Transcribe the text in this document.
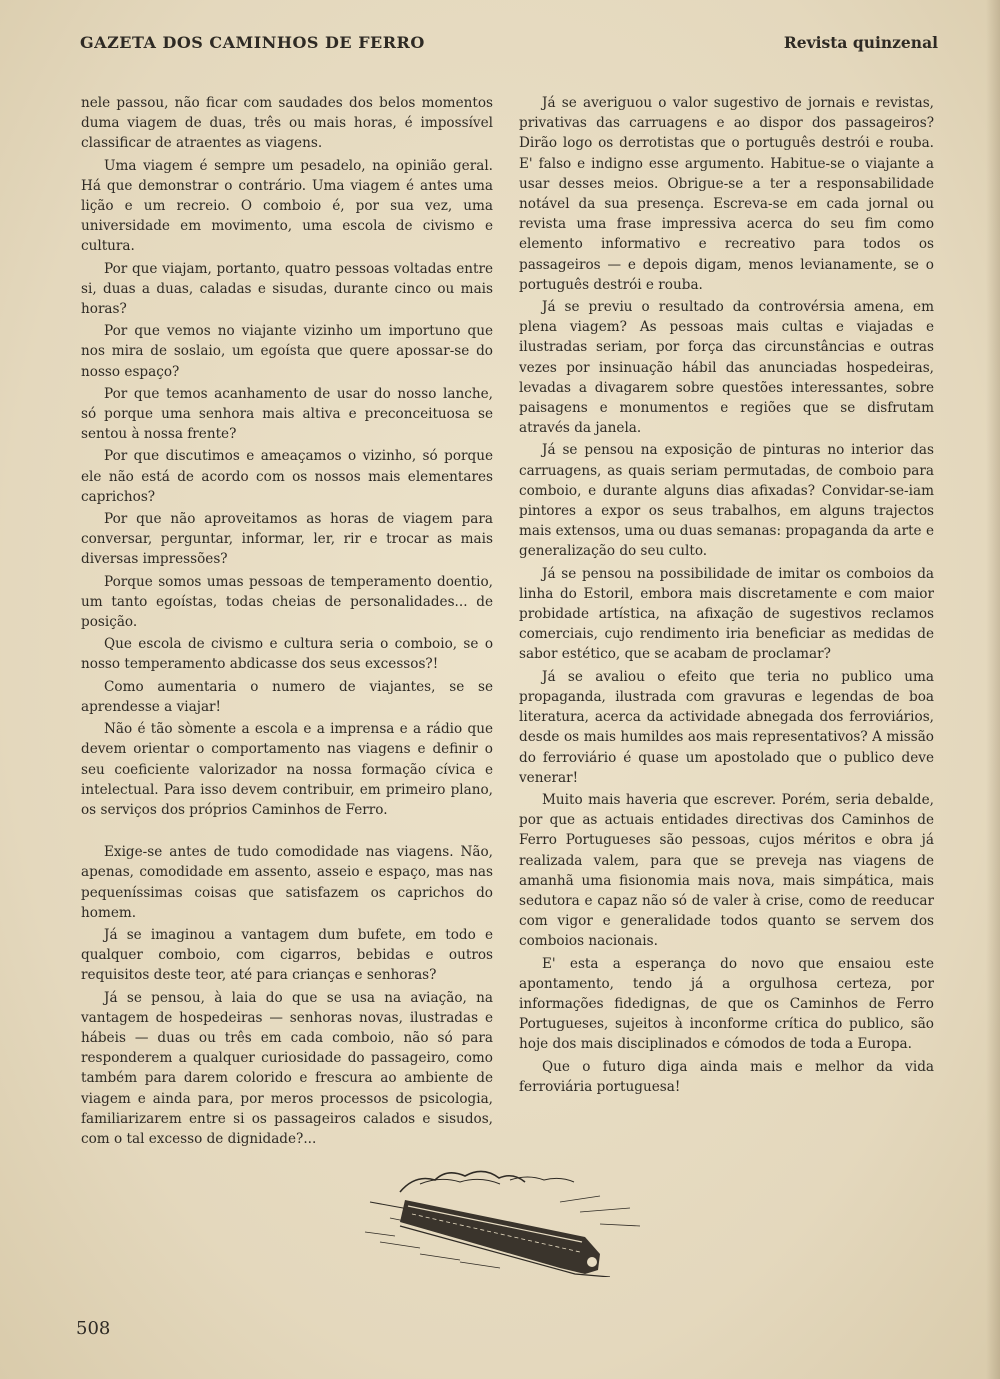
GAZETA DOS CAMINHOS DE FERRO	Revista quinzenal

nele passou, não ficar com saudades dos belos momentos duma viagem de duas, três ou mais horas, é impossível classificar de atraentes as viagens.

Uma viagem é sempre um pesadelo, na opinião geral. Há que demonstrar o contrário. Uma viagem é antes uma lição e um recreio. O comboio é, por sua vez, uma universidade em movimento, uma escola de civismo e cultura.

Por que viajam, portanto, quatro pessoas voltadas entre si, duas a duas, caladas e sisudas, durante cinco ou mais horas?

Por que vemos no viajante vizinho um importuno que nos mira de soslaio, um egoísta que quere apossar-se do nosso espaço?

Por que temos acanhamento de usar do nosso lanche, só porque uma senhora mais altiva e preconceituosa se sentou à nossa frente?

Por que discutimos e ameaçamos o vizinho, só porque ele não está de acordo com os nossos mais elementares caprichos?

Por que não aproveitamos as horas de viagem para conversar, perguntar, informar, ler, rir e trocar as mais diversas impressões?

Porque somos umas pessoas de temperamento doentio, um tanto egoístas, todas cheias de personalidades... de posição.

Que escola de civismo e cultura seria o comboio, se o nosso temperamento abdicasse dos seus excessos?!

Como aumentaria o numero de viajantes, se se aprendesse a viajar!

Não é tão sòmente a escola e a imprensa e a rádio que devem orientar o comportamento nas viagens e definir o seu coeficiente valorizador na nossa formação cívica e intelectual. Para isso devem contribuir, em primeiro plano, os serviços dos próprios Caminhos de Ferro.

Exige-se antes de tudo comodidade nas viagens. Não, apenas, comodidade em assento, asseio e espaço, mas nas pequeníssimas coisas que satisfazem os caprichos do homem.

Já se imaginou a vantagem dum bufete, em todo e qualquer comboio, com cigarros, bebidas e outros requisitos deste teor, até para crianças e senhoras?

Já se pensou, à laia do que se usa na aviação, na vantagem de hospedeiras — senhoras novas, ilustradas e hábeis — duas ou três em cada comboio, não só para responderem a qualquer curiosidade do passageiro, como também para darem colorido e frescura ao ambiente de viagem e ainda para, por meros processos de psicologia, familiarizarem entre si os passageiros calados e sisudos, com o tal excesso de dignidade?...

Já se averiguou o valor sugestivo de jornais e revistas, privativas das carruagens e ao dispor dos passageiros? Dirão logo os derrotistas que o português destrói e rouba. E' falso e indigno esse argumento. Habitue-se o viajante a usar desses meios. Obrigue-se a ter a responsabilidade notável da sua presença. Escreva-se em cada jornal ou revista uma frase impressiva acerca do seu fim como elemento informativo e recreativo para todos os passageiros — e depois digam, menos levianamente, se o português destrói e rouba.

Já se previu o resultado da controvérsia amena, em plena viagem? As pessoas mais cultas e viajadas e ilustradas seriam, por força das circunstâncias e outras vezes por insinuação hábil das anunciadas hospedeiras, levadas a divagarem sobre questões interessantes, sobre paisagens e monumentos e regiões que se disfrutam através da janela.

Já se pensou na exposição de pinturas no interior das carruagens, as quais seriam permutadas, de comboio para comboio, e durante alguns dias afixadas? Convidar-se-iam pintores a expor os seus trabalhos, em alguns trajectos mais extensos, uma ou duas semanas: propaganda da arte e generalização do seu culto.

Já se pensou na possibilidade de imitar os comboios da linha do Estoril, embora mais discretamente e com maior probidade artística, na afixação de sugestivos reclamos comerciais, cujo rendimento iria beneficiar as medidas de sabor estético, que se acabam de proclamar?

Já se avaliou o efeito que teria no publico uma propaganda, ilustrada com gravuras e legendas de boa literatura, acerca da actividade abnegada dos ferroviários, desde os mais humildes aos mais representativos? A missão do ferroviário é quase um apostolado que o publico deve venerar!

Muito mais haveria que escrever. Porém, seria debalde, por que as actuais entidades directivas dos Caminhos de Ferro Portugueses são pessoas, cujos méritos e obra já realizada valem, para que se preveja nas viagens de amanhã uma fisionomia mais nova, mais simpática, mais sedutora e capaz não só de valer à crise, como de reeducar com vigor e generalidade todos quanto se servem dos comboios nacionais.

E' esta a esperança do novo que ensaiou este apontamento, tendo já a orgulhosa certeza, por informações fidedignas, de que os Caminhos de Ferro Portugueses, sujeitos à inconforme crítica do publico, são hoje dos mais disciplinados e cómodos de toda a Europa.

Que o futuro diga ainda mais e melhor da vida ferroviária portuguesa!

508
